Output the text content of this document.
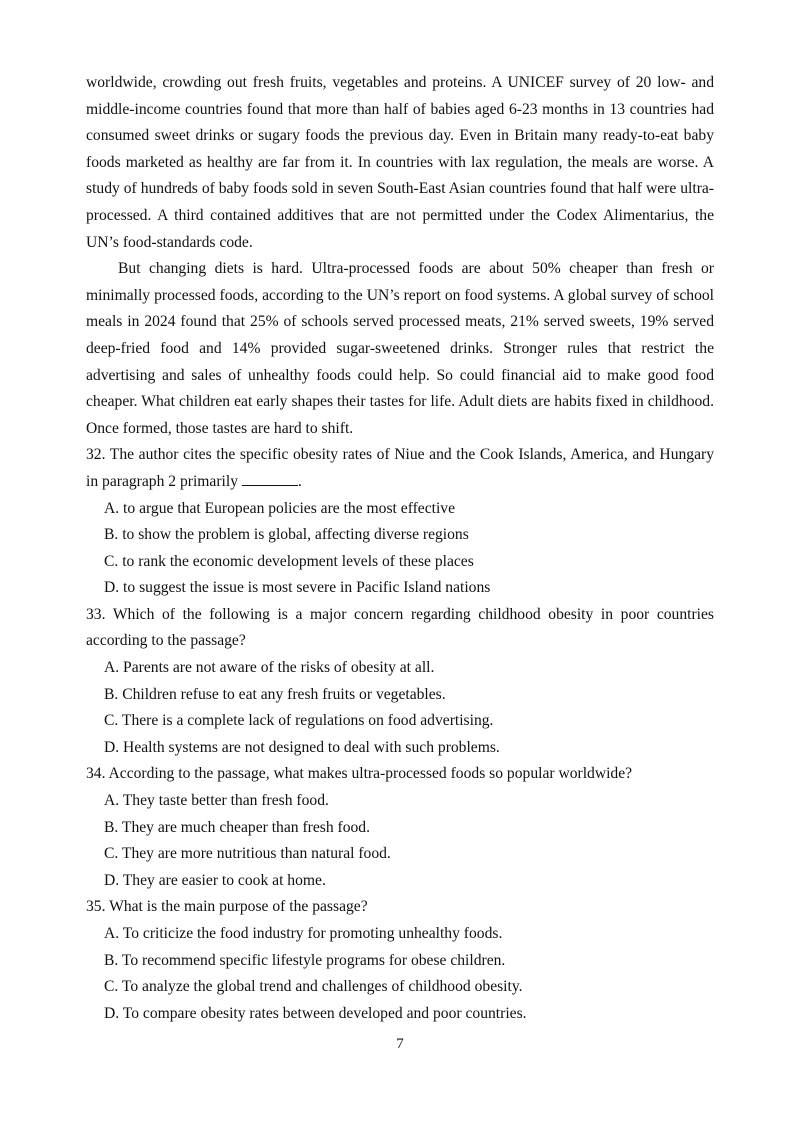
worldwide, crowding out fresh fruits, vegetables and proteins. A UNICEF survey of 20 low- and middle-income countries found that more than half of babies aged 6-23 months in 13 countries had consumed sweet drinks or sugary foods the previous day. Even in Britain many ready-to-eat baby foods marketed as healthy are far from it. In countries with lax regulation, the meals are worse. A study of hundreds of baby foods sold in seven South-East Asian countries found that half were ultra-processed. A third contained additives that are not permitted under the Codex Alimentarius, the UN’s food-standards code.

But changing diets is hard. Ultra-processed foods are about 50% cheaper than fresh or minimally processed foods, according to the UN’s report on food systems. A global survey of school meals in 2024 found that 25% of schools served processed meats, 21% served sweets, 19% served deep-fried food and 14% provided sugar-sweetened drinks. Stronger rules that restrict the advertising and sales of unhealthy foods could help. So could financial aid to make good food cheaper. What children eat early shapes their tastes for life. Adult diets are habits fixed in childhood. Once formed, those tastes are hard to shift.

32. The author cites the specific obesity rates of Niue and the Cook Islands, America, and Hungary in paragraph 2 primarily	.

A. to argue that European policies are the most effective

B. to show the problem is global, affecting diverse regions

C. to rank the economic development levels of these places

D. to suggest the issue is most severe in Pacific Island nations

33. Which of the following is a major concern regarding childhood obesity in poor countries according to the passage?

A. Parents are not aware of the risks of obesity at all.

B. Children refuse to eat any fresh fruits or vegetables.

C. There is a complete lack of regulations on food advertising.

D. Health systems are not designed to deal with such problems.

34. According to the passage, what makes ultra-processed foods so popular worldwide?

A. They taste better than fresh food.

B. They are much cheaper than fresh food.

C. They are more nutritious than natural food.

D. They are easier to cook at home.

35. What is the main purpose of the passage?

A. To criticize the food industry for promoting unhealthy foods.

B. To recommend specific lifestyle programs for obese children.

C. To analyze the global trend and challenges of childhood obesity.

D. To compare obesity rates between developed and poor countries.

7
